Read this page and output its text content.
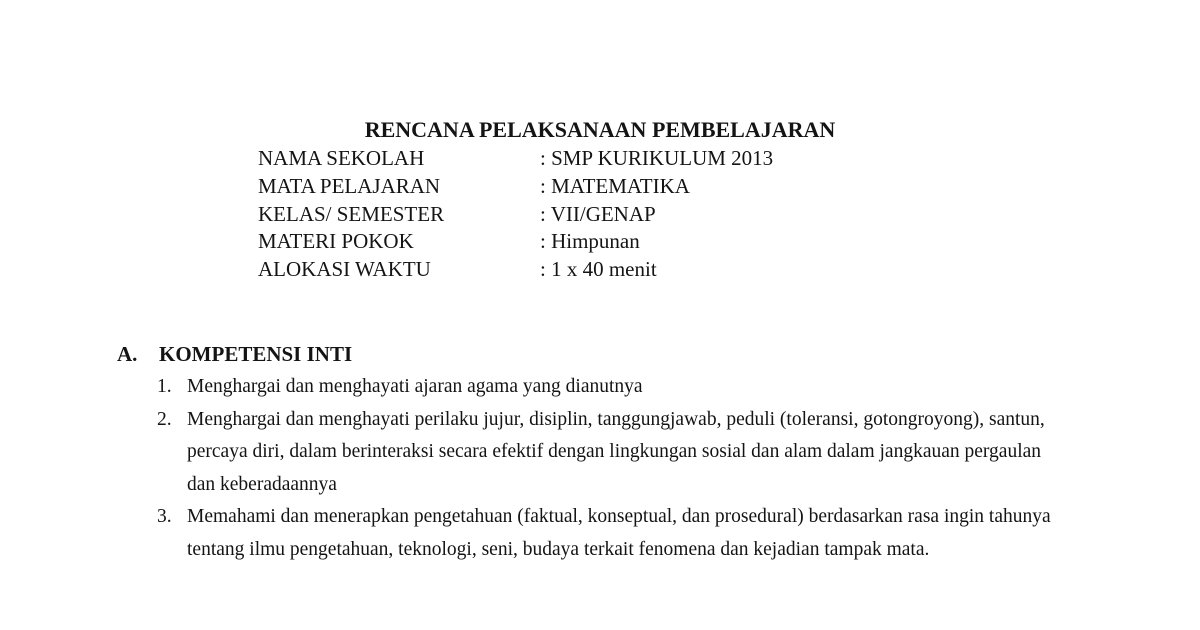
RENCANA PELAKSANAAN PEMBELAJARAN
NAMA SEKOLAH	: SMP KURIKULUM 2013
MATA PELAJARAN	: MATEMATIKA
KELAS/ SEMESTER	: VII/GENAP
MATERI POKOK	: Himpunan
ALOKASI WAKTU	: 1 x 40 menit
A. KOMPETENSI INTI
1. Menghargai dan menghayati ajaran agama yang dianutnya
2. Menghargai dan menghayati perilaku jujur, disiplin, tanggungjawab, peduli (toleransi, gotongroyong), santun, percaya diri, dalam berinteraksi secara efektif dengan lingkungan sosial dan alam dalam jangkauan pergaulan dan keberadaannya
3. Memahami dan menerapkan pengetahuan (faktual, konseptual, dan prosedural) berdasarkan rasa ingin tahunya tentang ilmu pengetahuan, teknologi, seni, budaya terkait fenomena dan kejadian tampak mata.
